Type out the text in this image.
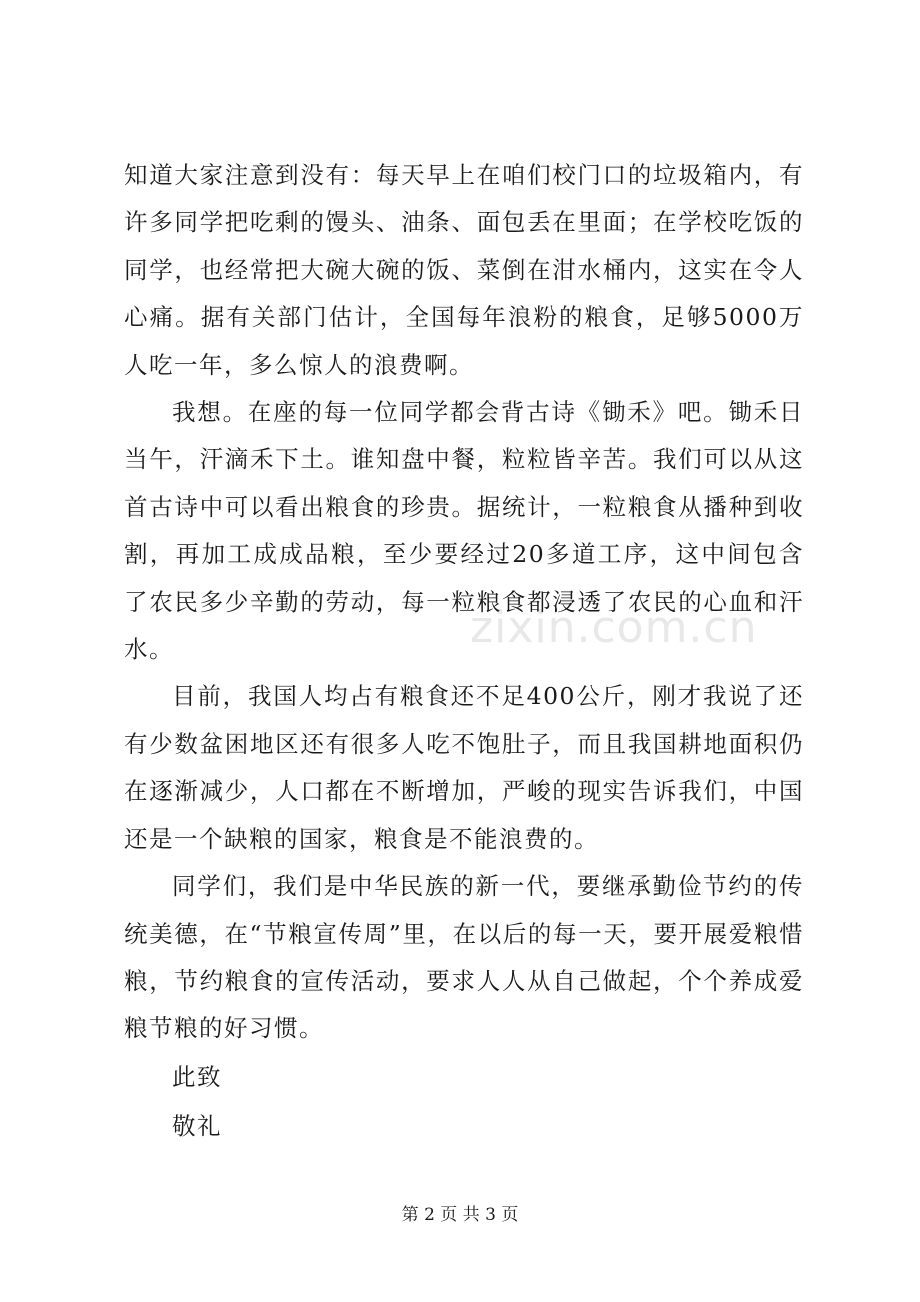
zixin.com.cn

知道大家注意到没有：每天早上在咱们校门口的垃圾箱内，有许多同学把吃剩的馒头、油条、面包丢在里面；在学校吃饭的同学，也经常把大碗大碗的饭、菜倒在泔水桶内，这实在令人心痛。据有关部门估计，全国每年浪粉的粮食，足够5000万人吃一年，多么惊人的浪费啊。

我想。在座的每一位同学都会背古诗《锄禾》吧。锄禾日当午，汗滴禾下土。谁知盘中餐，粒粒皆辛苦。我们可以从这首古诗中可以看出粮食的珍贵。据统计，一粒粮食从播种到收割，再加工成成品粮，至少要经过20多道工序，这中间包含了农民多少辛勤的劳动，每一粒粮食都浸透了农民的心血和汗水。

目前，我国人均占有粮食还不足400公斤，刚才我说了还有少数盆困地区还有很多人吃不饱肚子，而且我国耕地面积仍在逐渐减少，人口都在不断增加，严峻的现实告诉我们，中国还是一个缺粮的国家，粮食是不能浪费的。

同学们，我们是中华民族的新一代，要继承勤俭节约的传统美德，在“节粮宣传周”里，在以后的每一天，要开展爱粮惜粮，节约粮食的宣传活动，要求人人从自己做起，个个养成爱粮节粮的好习惯。

此致

敬礼

第 2 页 共 3 页
